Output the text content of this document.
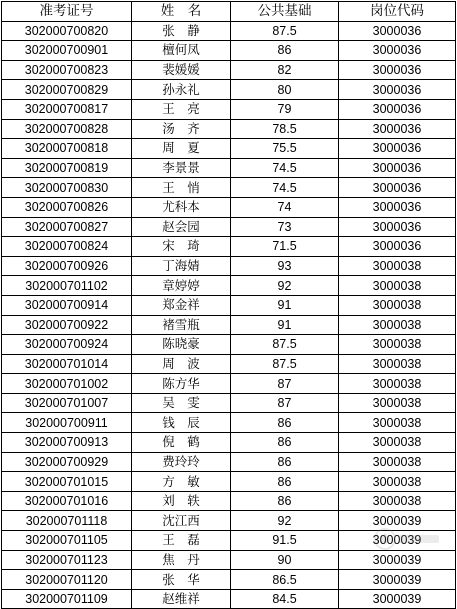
准考证号	姓　名	公共基础	岗位代码
302000700820	张　静	87.5	3000036
302000700901	檀何凤	86	3000036
302000700823	裴媛媛	82	3000036
302000700829	孙永礼	80	3000036
302000700817	王　亮	79	3000036
302000700828	汤　齐	78.5	3000036
302000700818	周　夏	75.5	3000036
302000700819	李景景	74.5	3000036
302000700830	王　悄	74.5	3000036
302000700826	尤科本	74	3000036
302000700827	赵会园	73	3000036
302000700824	宋　琦	71.5	3000036
302000700926	丁海婧	93	3000038
302000701102	章婷婷	92	3000038
302000700914	郑金祥	91	3000038
302000700922	褚雪瓶	91	3000038
302000700924	陈晓豪	87.5	3000038
302000701014	周　波	87.5	3000038
302000701002	陈方华	87	3000038
302000701007	吴　雯	87	3000038
302000700911	钱　辰	86	3000038
302000700913	倪　鹤	86	3000038
302000700929	费玲玲	86	3000038
302000701015	方　敏	86	3000038
302000701016	刘　轶	86	3000038
302000701118	沈江西	92	3000039
302000701105	王　磊	91.5	3000039
302000701123	焦　丹	90	3000039
302000701120	张　华	86.5	3000039
302000701109	赵维祥	84.5	3000039
